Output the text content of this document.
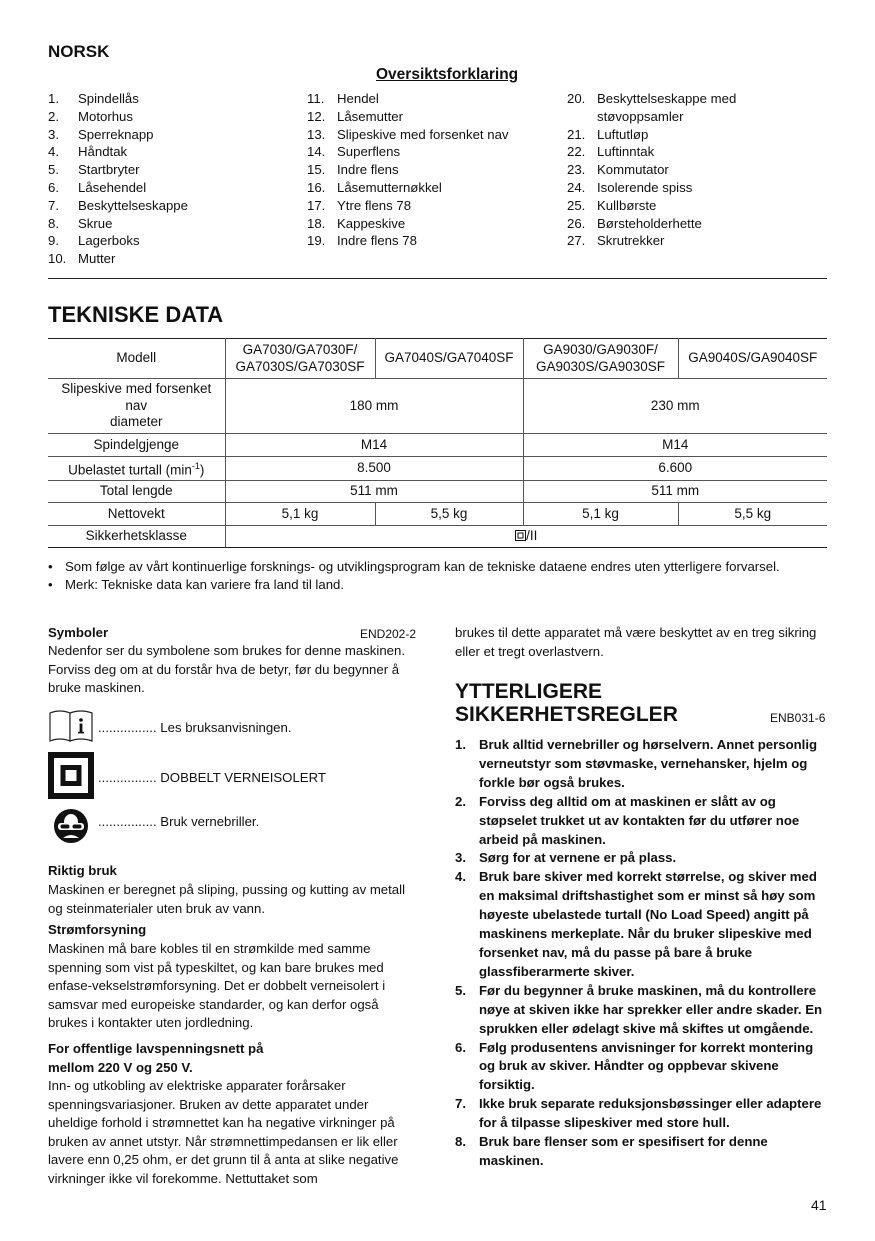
NORSK
Oversiktsforklaring
1.	Spindellås
2.	Motorhus
3.	Sperreknapp
4.	Håndtak
5.	Startbryter
6.	Låsehendel
7.	Beskyttelseskappe
8.	Skrue
9.	Lagerboks
10. Mutter
11. Hendel
12. Låsemutter
13. Slipeskive med forsenket nav
14. Superflens
15. Indre flens
16. Låsemutternøkkel
17. Ytre flens 78
18. Kappeskive
19. Indre flens 78
20. Beskyttelseskappe med støvoppsamler
21. Luftutløp
22. Luftinntak
23. Kommutator
24. Isolerende spiss
25. Kullbørste
26. Børsteholderhette
27. Skrutrekker
TEKNISKE DATA
Modell	GA7030/GA7030F/
GA7030S/GA7030SF	GA7040S/GA7040SF	GA9030/GA9030F/
GA9030S/GA9030SF	GA9040S/GA9040SF
Slipeskive med forsenket nav
diameter	180 mm		230 mm	
Spindelgjenge	M14		M14	
Ubelastet turtall $(\min^{-1})$	8.500		6.600	
Total lengde	511 mm		511 mm	
Nettovekt	5,1 kg	5,5 kg	5,1 kg	5,5 kg
Sikkerhetsklasse	/II			
• Som følge av vårt kontinuerlige forsknings- og utviklingsprogram kan de tekniske dataene endres uten ytterligere forvarsel.
• Merk: Tekniske data kan variere fra land til land.
Symboler	END202-2
Nedenfor ser du symbolene som brukes for denne maskinen. Forviss deg om at du forstår hva de betyr, før du begynner å bruke maskinen.
................ Les bruksanvisningen.
................ DOBBELT VERNEISOLERT
................ Bruk vernebriller.
Riktig bruk
Maskinen er beregnet på sliping, pussing og kutting av metall og steinmaterialer uten bruk av vann.
Strømforsyning
Maskinen må bare kobles til en strømkilde med samme spenning som vist på typeskiltet, og kan bare brukes med enfase-vekselstrømforsyning. Det er dobbelt verneisolert i samsvar med europeiske standarder, og kan derfor også brukes i kontakter uten jordledning.
For offentlige lavspenningsnett på
mellom 220 V og 250 V.
Inn- og utkobling av elektriske apparater forårsaker spenningsvariasjoner. Bruken av dette apparatet under uheldige forhold i strømnettet kan ha negative virkninger på bruken av annet utstyr. Når strømnettimpedansen er lik eller lavere enn 0,25 ohm, er det grunn til å anta at slike negative virkninger ikke vil forekomme. Nettuttaket som
brukes til dette apparatet må være beskyttet av en treg sikring eller et tregt overlastvern.
YTTERLIGERE
SIKKERHETSREGLER	ENB031-6
1. Bruk alltid vernebriller og hørselvern. Annet personlig verneutstyr som støvmaske, vernehansker, hjelm og forkle bør også brukes.
2. Forviss deg alltid om at maskinen er slått av og støpselet trukket ut av kontakten før du utfører noe arbeid på maskinen.
3. Sørg for at vernene er på plass.
4. Bruk bare skiver med korrekt størrelse, og skiver med en maksimal driftshastighet som er minst så høy som høyeste ubelastede turtall (No Load Speed) angitt på maskinens merkeplate. Når du bruker slipeskive med forsenket nav, må du passe på bare å bruke glassfiberarmerte skiver.
5. Før du begynner å bruke maskinen, må du kontrollere nøye at skiven ikke har sprekker eller andre skader. En sprukken eller ødelagt skive må skiftes ut omgående.
6. Følg produsentens anvisninger for korrekt montering og bruk av skiver. Håndter og oppbevar skivene forsiktig.
7. Ikke bruk separate reduksjonsbøssinger eller adaptere for å tilpasse slipeskiver med store hull.
8. Bruk bare flenser som er spesifisert for denne maskinen.
41
